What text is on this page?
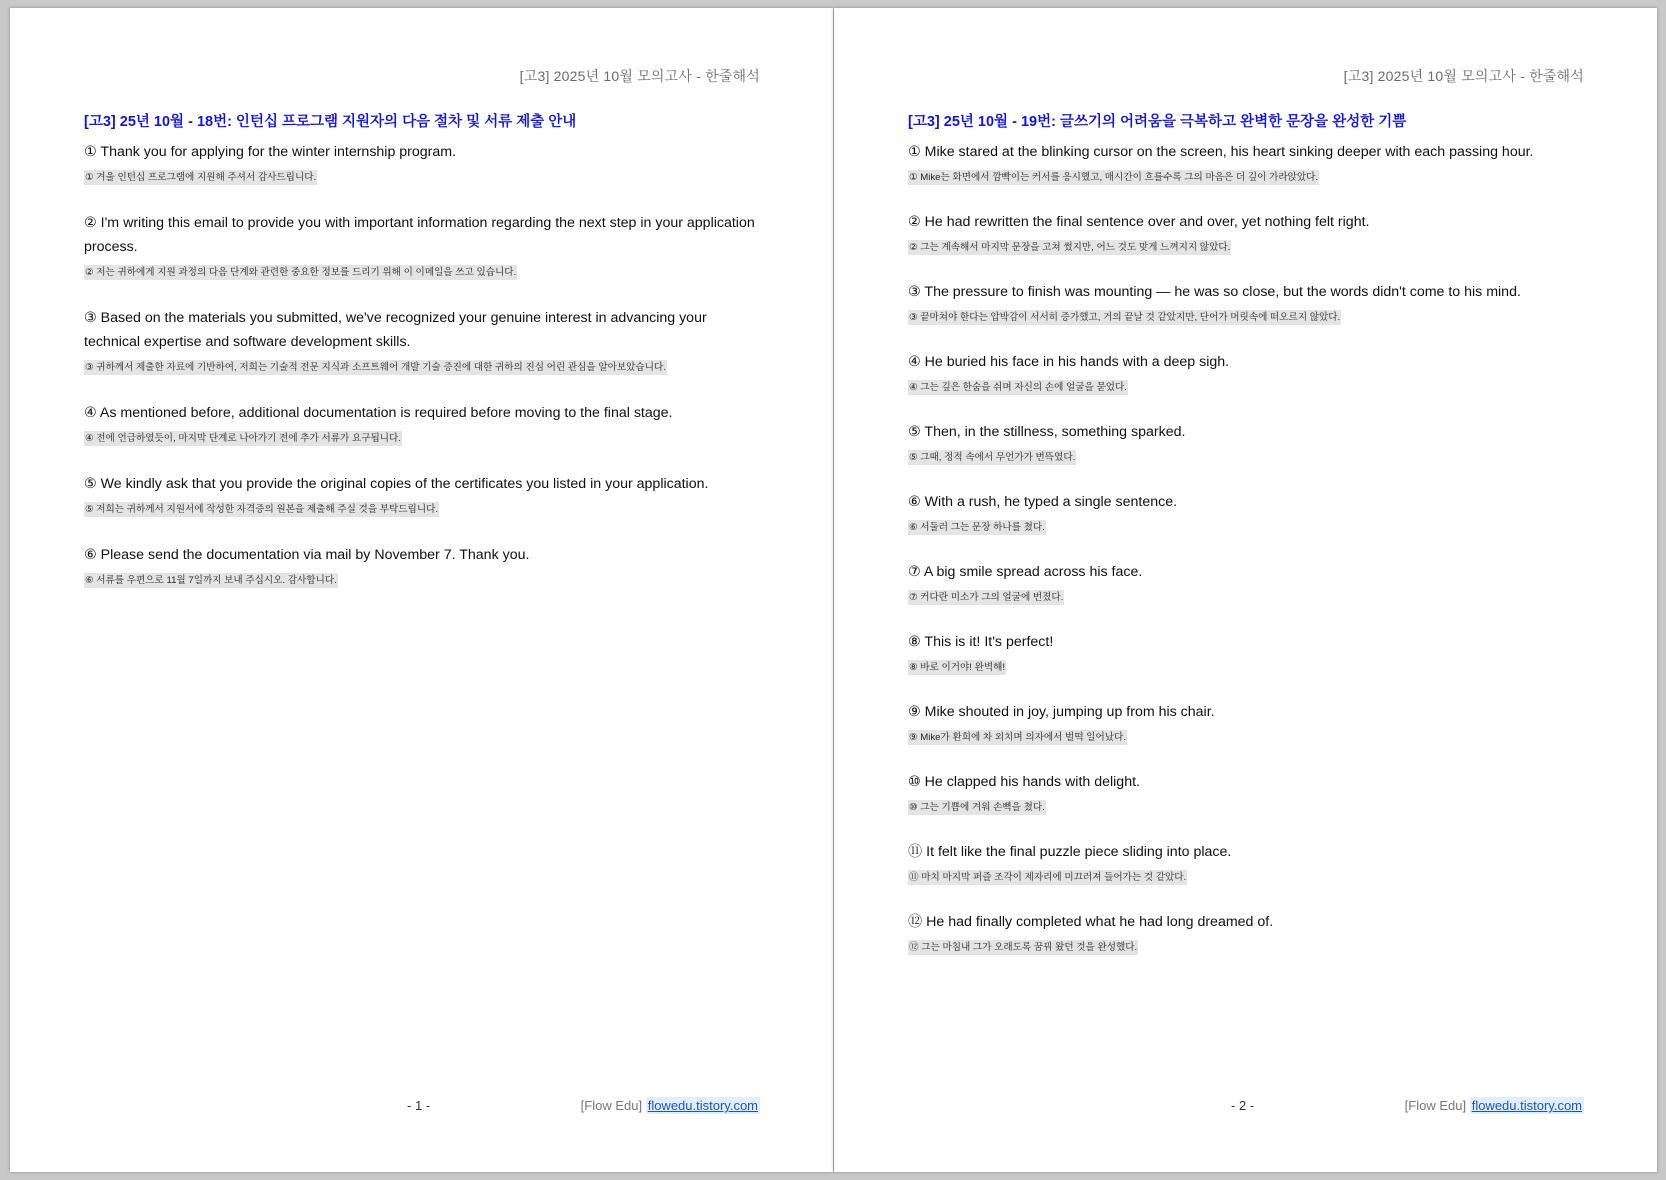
[고3] 2025년 10월 모의고사 - 한줄해석
[고3] 25년 10월 - 18번: 인턴십 프로그램 지원자의 다음 절차 및 서류 제출 안내
① Thank you for applying for the winter internship program.
① 겨울 인턴십 프로그램에 지원해 주셔서 감사드립니다.
② I'm writing this email to provide you with important information regarding the next step in your application process.
② 저는 귀하에게 지원 과정의 다음 단계와 관련한 중요한 정보를 드리기 위해 이 이메일을 쓰고 있습니다.
③ Based on the materials you submitted, we've recognized your genuine interest in advancing your technical expertise and software development skills.
③ 귀하께서 제출한 자료에 기반하여, 저희는 기술적 전문 지식과 소프트웨어 개발 기술 증진에 대한 귀하의 진심 어린 관심을 알아보았습니다.
④ As mentioned before, additional documentation is required before moving to the final stage.
④ 전에 언급하였듯이, 마지막 단계로 나아가기 전에 추가 서류가 요구됩니다.
⑤ We kindly ask that you provide the original copies of the certificates you listed in your application.
⑤ 저희는 귀하께서 지원서에 작성한 자격증의 원본을 제출해 주실 것을 부탁드립니다.
⑥ Please send the documentation via mail by November 7. Thank you.
⑥ 서류를 우편으로 11월 7일까지 보내 주십시오. 감사합니다.
- 1 -	[Flow Edu] flowedu.tistory.com
[고3] 2025년 10월 모의고사 - 한줄해석
[고3] 25년 10월 - 19번: 글쓰기의 어려움을 극복하고 완벽한 문장을 완성한 기쁨
① Mike stared at the blinking cursor on the screen, his heart sinking deeper with each passing hour.
① Mike는 화면에서 깜빡이는 커서를 응시했고, 매시간이 흐를수록 그의 마음은 더 깊이 가라앉았다.
② He had rewritten the final sentence over and over, yet nothing felt right.
② 그는 계속해서 마지막 문장을 고쳐 썼지만, 어느 것도 맞게 느껴지지 않았다.
③ The pressure to finish was mounting — he was so close, but the words didn't come to his mind.
③ 끝마쳐야 한다는 압박감이 서서히 증가했고, 거의 끝날 것 같았지만, 단어가 머릿속에 떠오르지 않았다.
④ He buried his face in his hands with a deep sigh.
④ 그는 깊은 한숨을 쉬며 자신의 손에 얼굴을 묻었다.
⑤ Then, in the stillness, something sparked.
⑤ 그때, 정적 속에서 무언가가 번뜩였다.
⑥ With a rush, he typed a single sentence.
⑥ 서둘러 그는 문장 하나를 쳤다.
⑦ A big smile spread across his face.
⑦ 커다란 미소가 그의 얼굴에 번졌다.
⑧ This is it! It's perfect!
⑧ 바로 이거야! 완벽해!
⑨ Mike shouted in joy, jumping up from his chair.
⑨ Mike가 환희에 차 외치며 의자에서 벌떡 일어났다.
⑩ He clapped his hands with delight.
⑩ 그는 기쁨에 겨워 손뼉을 쳤다.
⑪ It felt like the final puzzle piece sliding into place.
⑪ 마치 마지막 퍼즐 조각이 제자리에 미끄러져 들어가는 것 같았다.
⑫ He had finally completed what he had long dreamed of.
⑫ 그는 마침내 그가 오래도록 꿈꿔 왔던 것을 완성했다.
- 2 -	[Flow Edu] flowedu.tistory.com
